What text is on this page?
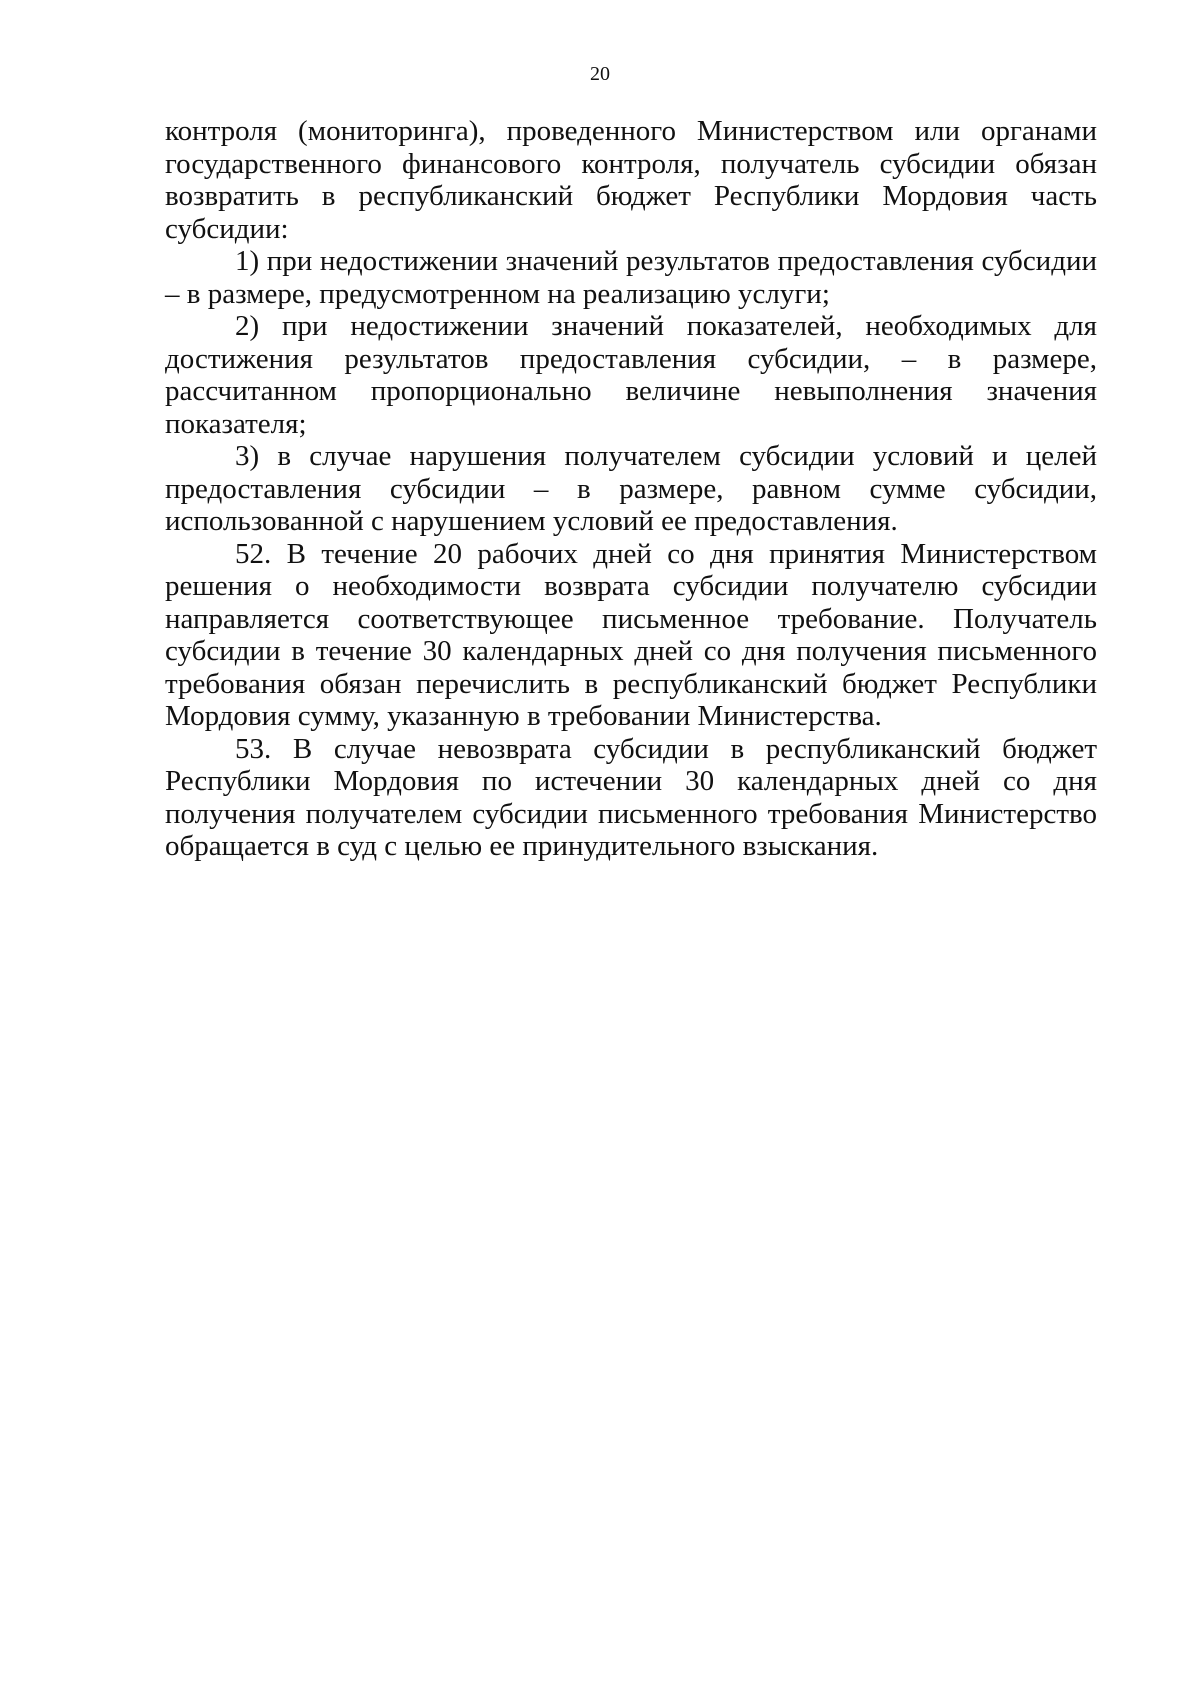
20

контроля (мониторинга), проведенного Министерством или органами государственного финансового контроля, получатель субсидии обязан возвратить в республиканский бюджет Республики Мордовия часть субсидии:

1) при недостижении значений результатов предоставления субсидии – в размере, предусмотренном на реализацию услуги;

2) при недостижении значений показателей, необходимых для достижения результатов предоставления субсидии, – в размере, рассчитанном пропорционально величине невыполнения значения показателя;

3) в случае нарушения получателем субсидии условий и целей предоставления субсидии – в размере, равном сумме субсидии, использованной с нарушением условий ее предоставления.

52. В течение 20 рабочих дней со дня принятия Министерством решения о необходимости возврата субсидии получателю субсидии направляется соответствующее письменное требование. Получатель субсидии в течение 30 календарных дней со дня получения письменного требования обязан перечислить в республиканский бюджет Республики Мордовия сумму, указанную в требовании Министерства.

53. В случае невозврата субсидии в республиканский бюджет Республики Мордовия по истечении 30 календарных дней со дня получения получателем субсидии письменного требования Министерство обращается в суд с целью ее принудительного взыскания.
